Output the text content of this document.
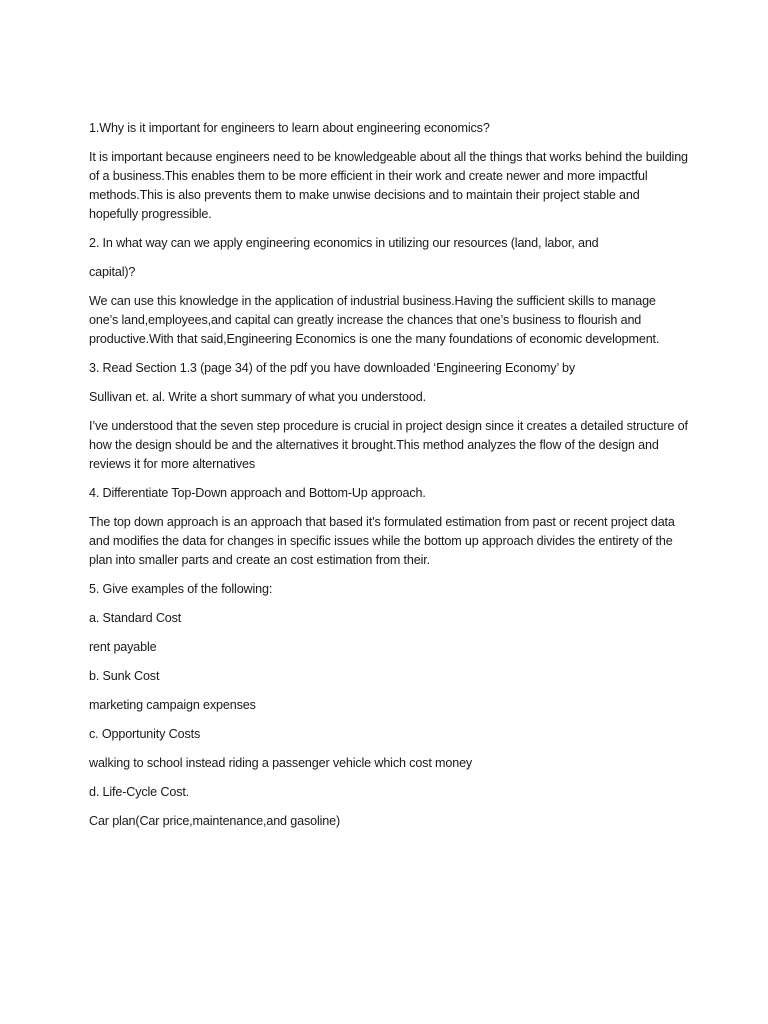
1.Why is it important for engineers to learn about engineering economics?

It is important because engineers need to be knowledgeable about all the things that works behind the building of a business.This enables them to be more efficient in their work and create newer and more impactful methods.This is also prevents them to make unwise decisions and to maintain their project stable and hopefully progressible.

2. In what way can we apply engineering economics in utilizing our resources (land, labor, and

capital)?

We can use this knowledge in the application of industrial business.Having the sufficient skills to manage one’s land,employees,and capital can greatly increase the chances that one’s business to flourish and productive.With that said,Engineering Economics is one the many foundations of economic development.

3. Read Section 1.3 (page 34) of the pdf you have downloaded ‘Engineering Economy’ by

Sullivan et. al. Write a short summary of what you understood.

I’ve understood that the seven step procedure is crucial in project design since it creates a detailed structure of how the design should be and the alternatives it brought.This method analyzes the flow of the design and reviews it for more alternatives

4. Differentiate Top-Down approach and Bottom-Up approach.

The top down approach is an approach that based it’s formulated estimation from past or recent project data and modifies the data for changes in specific issues while the bottom up approach divides the entirety of the plan into smaller parts and create an cost estimation from their.

5. Give examples of the following:

a. Standard Cost

rent payable

b. Sunk Cost

marketing campaign expenses

c. Opportunity Costs

walking to school instead riding a passenger vehicle which cost money

d. Life-Cycle Cost.

Car plan(Car price,maintenance,and gasoline)
